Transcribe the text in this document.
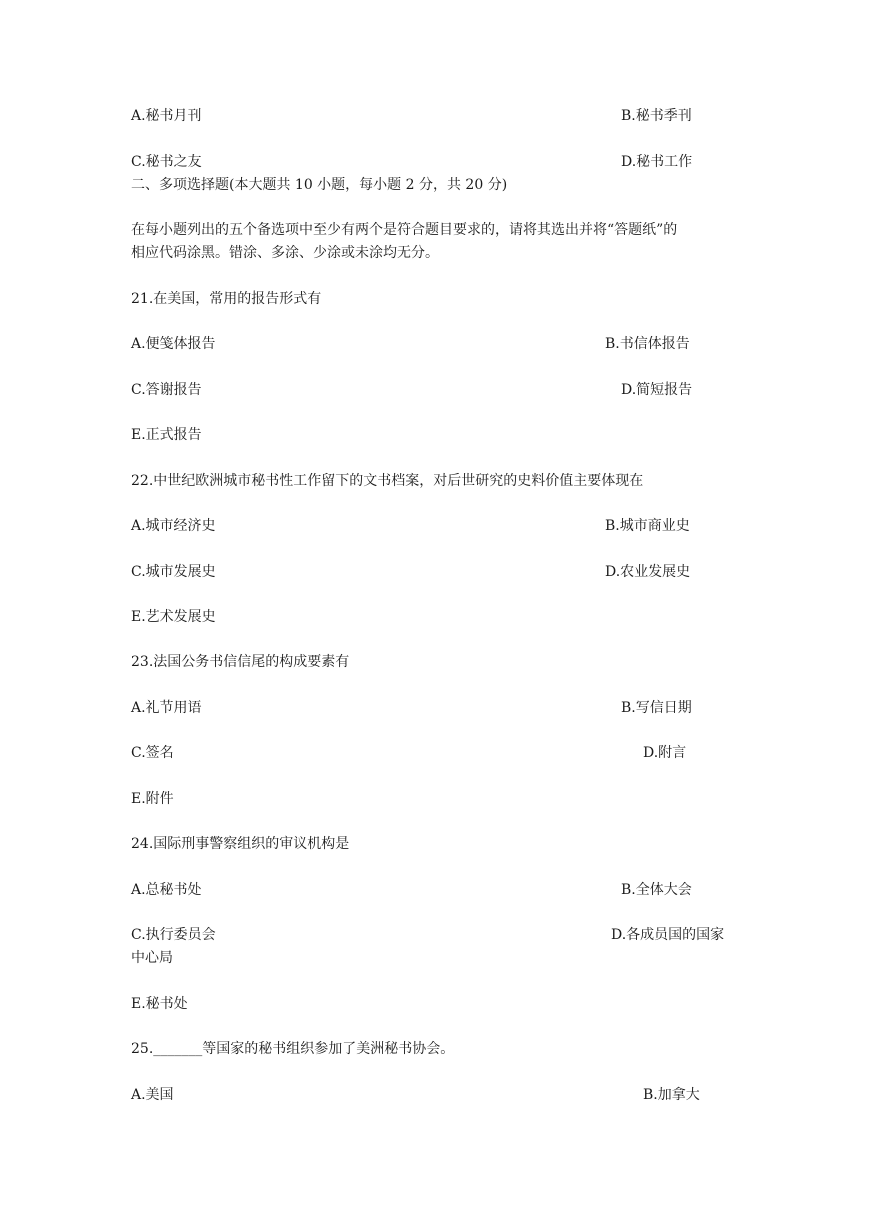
A.秘书月刊	B.秘书季刊
C.秘书之友	D.秘书工作
二、多项选择题(本大题共 10 小题，每小题 2 分，共 20 分)
在每小题列出的五个备选项中至少有两个是符合题目要求的，请将其选出并将“答题纸”的
相应代码涂黑。错涂、多涂、少涂或未涂均无分。
21.在美国，常用的报告形式有
A.便笺体报告	B.书信体报告
C.答谢报告	D.简短报告
E.正式报告
22.中世纪欧洲城市秘书性工作留下的文书档案，对后世研究的史料价值主要体现在
A.城市经济史	B.城市商业史
C.城市发展史	D.农业发展史
E.艺术发展史
23.法国公务书信信尾的构成要素有
A.礼节用语	B.写信日期
C.签名	D.附言
E.附件
24.国际刑事警察组织的审议机构是
A.总秘书处	B.全体大会
C.执行委员会	D.各成员国的国家
中心局
E.秘书处
25._______等国家的秘书组织参加了美洲秘书协会。
A.美国	B.加拿大
